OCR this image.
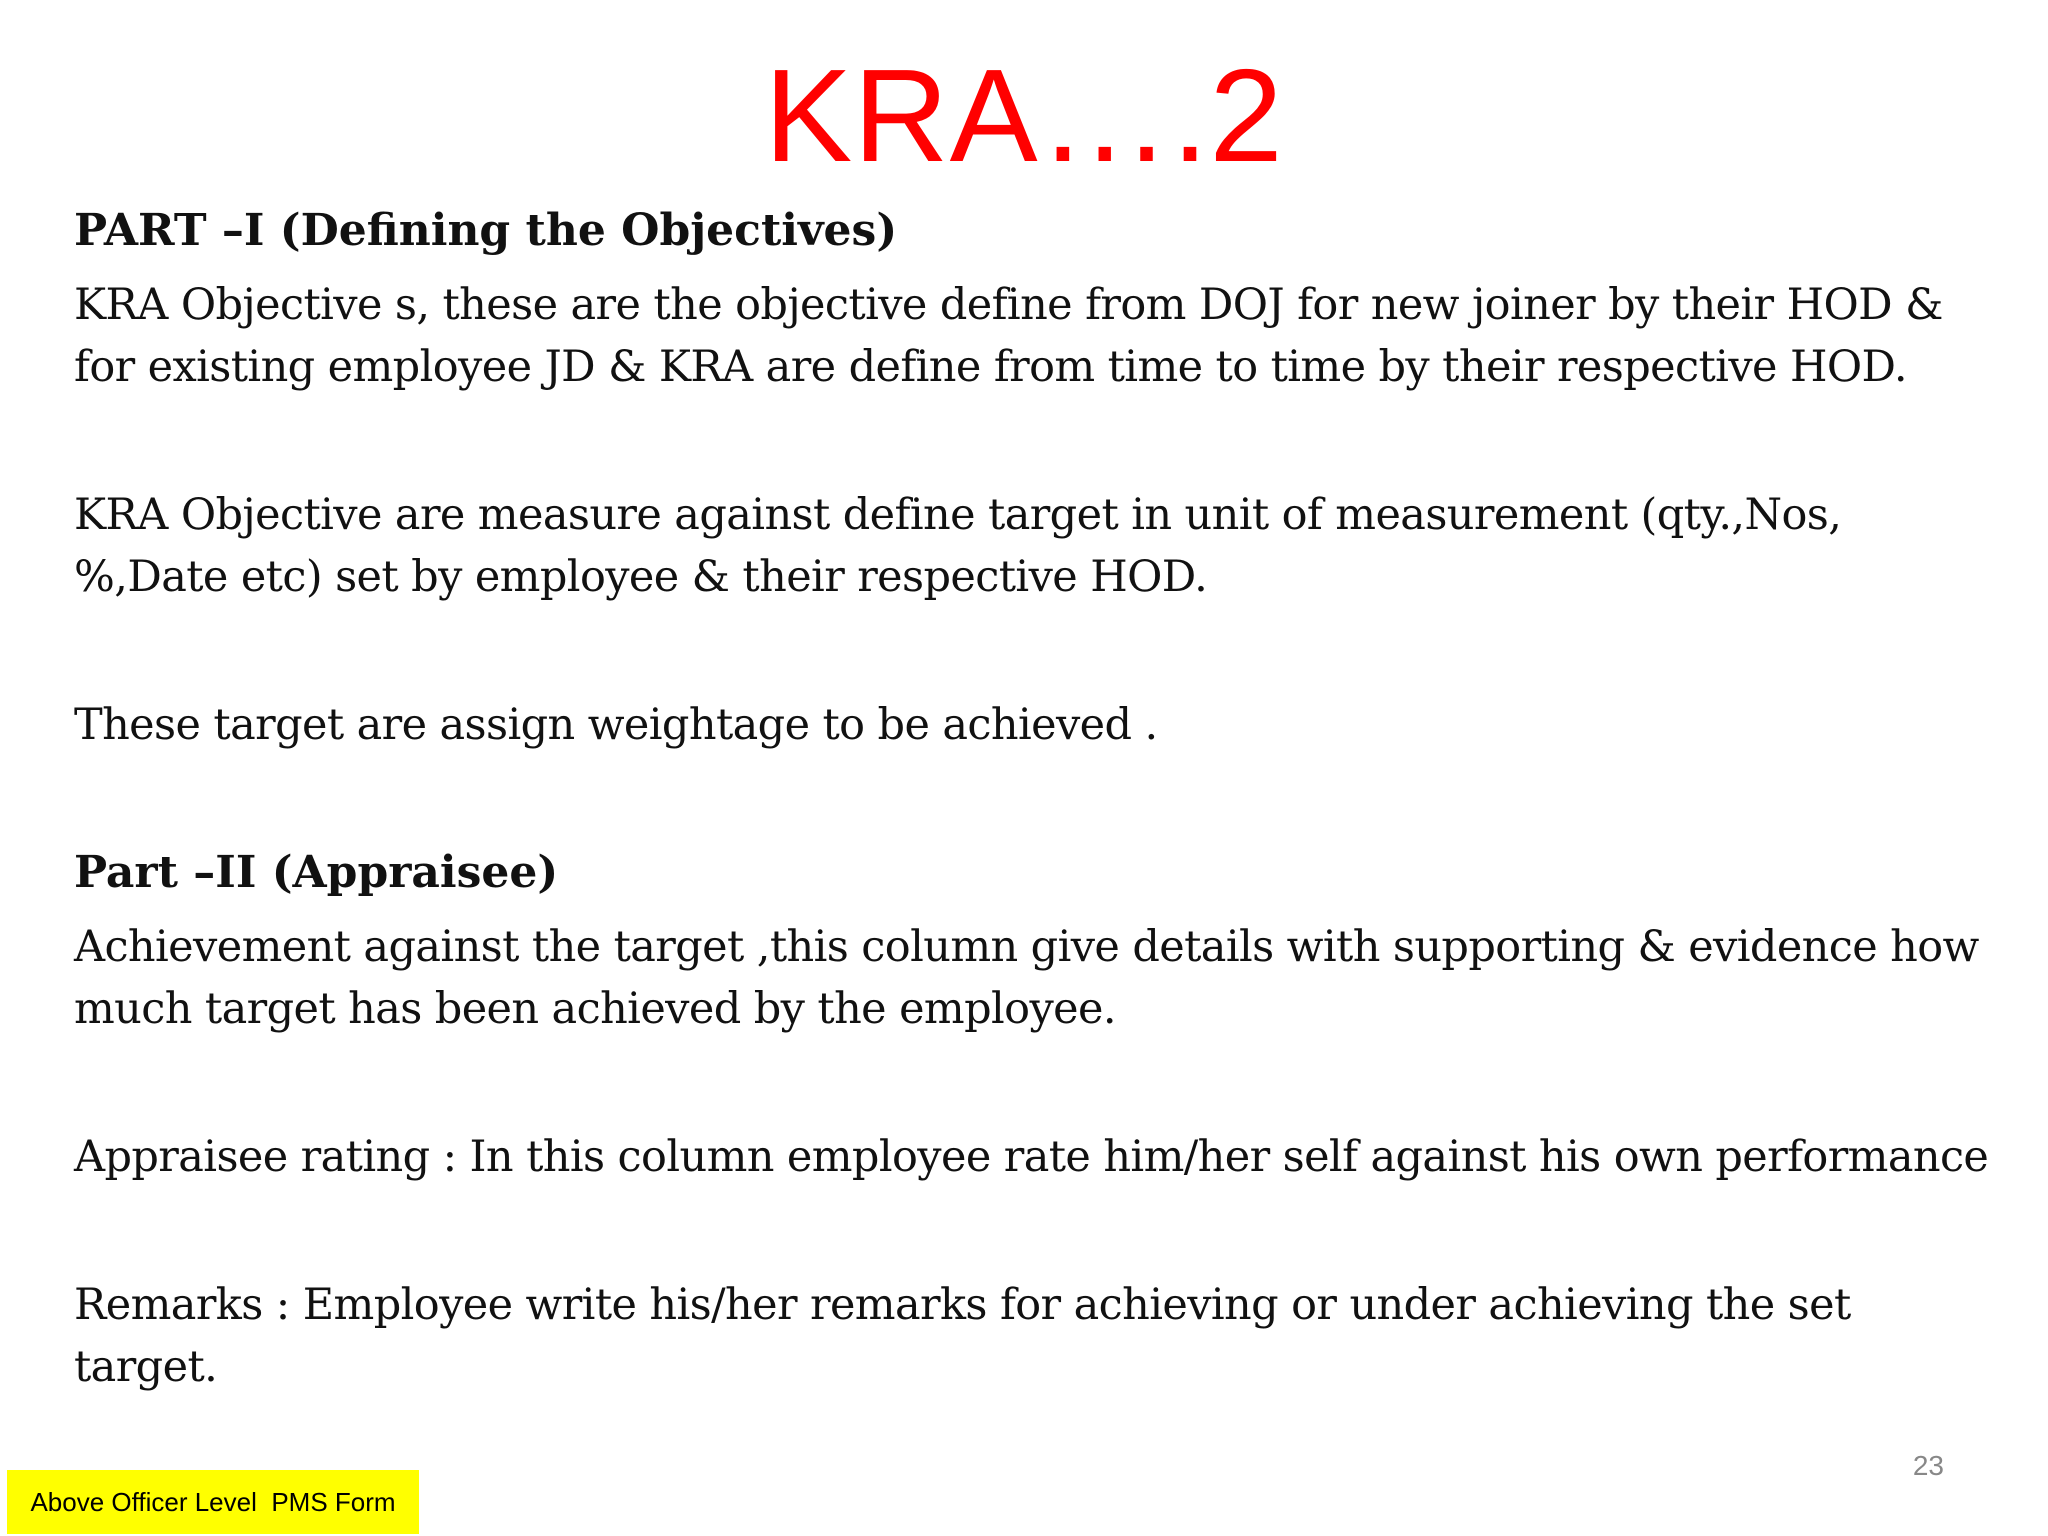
KRA….2

PART –I (Defining the Objectives)

KRA Objective s, these are the objective define from DOJ for new joiner by their HOD & for existing employee JD & KRA are define from time to time by their respective HOD.

KRA Objective are measure against define target in unit of measurement (qty.,Nos, %,Date etc) set by employee & their respective HOD.

These target are assign weightage to be achieved .

Part –II (Appraisee)

Achievement against the target ,this column give details with supporting & evidence how much target has been achieved by the employee.

Appraisee rating : In this column employee rate him/her self against his own performance

Remarks : Employee write his/her remarks for achieving or under achieving the set target.

23
Above Officer Level  PMS Form
